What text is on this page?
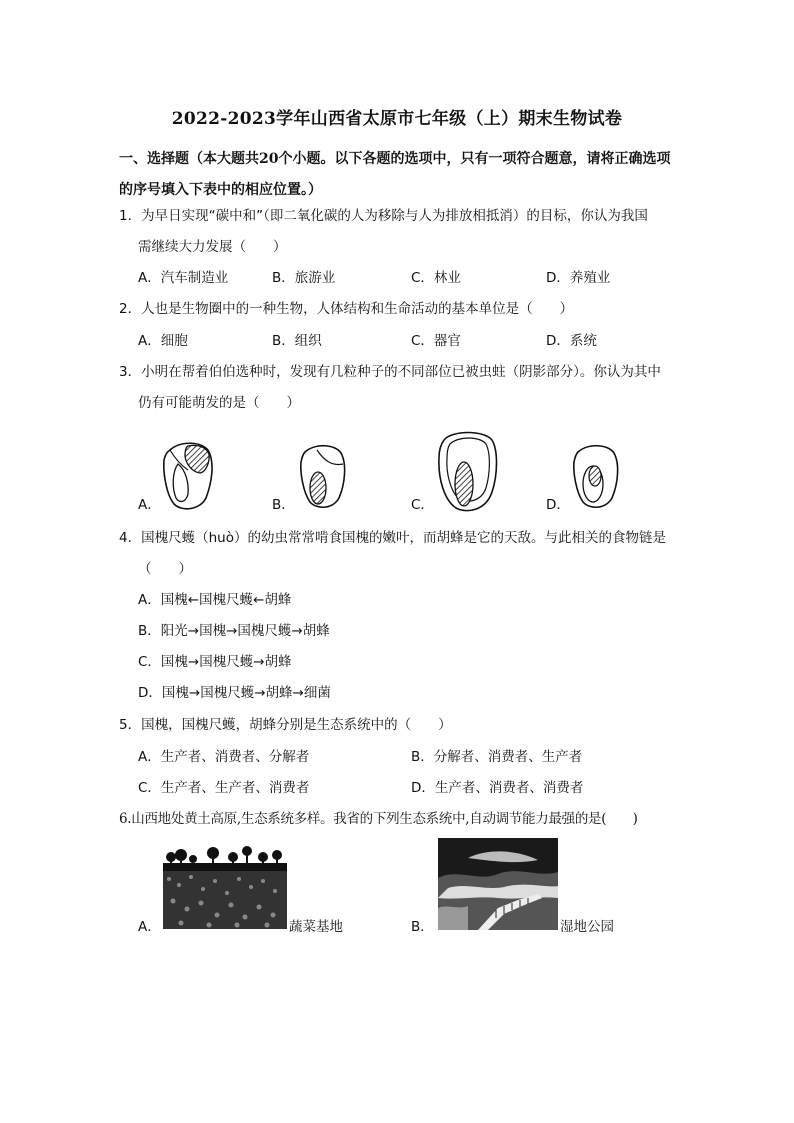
2022-2023学年山西省太原市七年级（上）期末生物试卷
一、选择题（本大题共20个小题。以下各题的选项中，只有一项符合题意，请将正确选项的序号填入下表中的相应位置。）
1．为早日实现“碳中和”（即二氧化碳的人为移除与人为排放相抵消）的目标，你认为我国
需继续大力发展（　　）
A．汽车制造业	B．旅游业	C．林业	D．养殖业
2．人也是生物圈中的一种生物，人体结构和生命活动的基本单位是（　　）
A．细胞	B．组织	C．器官	D．系统
3．小明在帮着伯伯选种时，发现有几粒种子的不同部位已被虫蛀（阴影部分）。你认为其中
仍有可能萌发的是（　　）
A．	B．	C．	D．
4．国槐尺蠖（huò）的幼虫常常啃食国槐的嫩叶，而胡蜂是它的天敌。与此相关的食物链是
（　　）
A．国槐←国槐尺蠖←胡蜂
B．阳光→国槐→国槐尺蠖→胡蜂
C．国槐→国槐尺蠖→胡蜂
D．国槐→国槐尺蠖→胡蜂→细菌
5．国槐，国槐尺蠖，胡蜂分别是生态系统中的（　　）
A．生产者、消费者、分解者	B．分解者、消费者、生产者
C．生产者、生产者、消费者	D．生产者、消费者、消费者
6.山西地处黄土高原,生态系统多样。我省的下列生态系统中,自动调节能力最强的是(　　)
A．	蔬菜基地	B．	湿地公园
